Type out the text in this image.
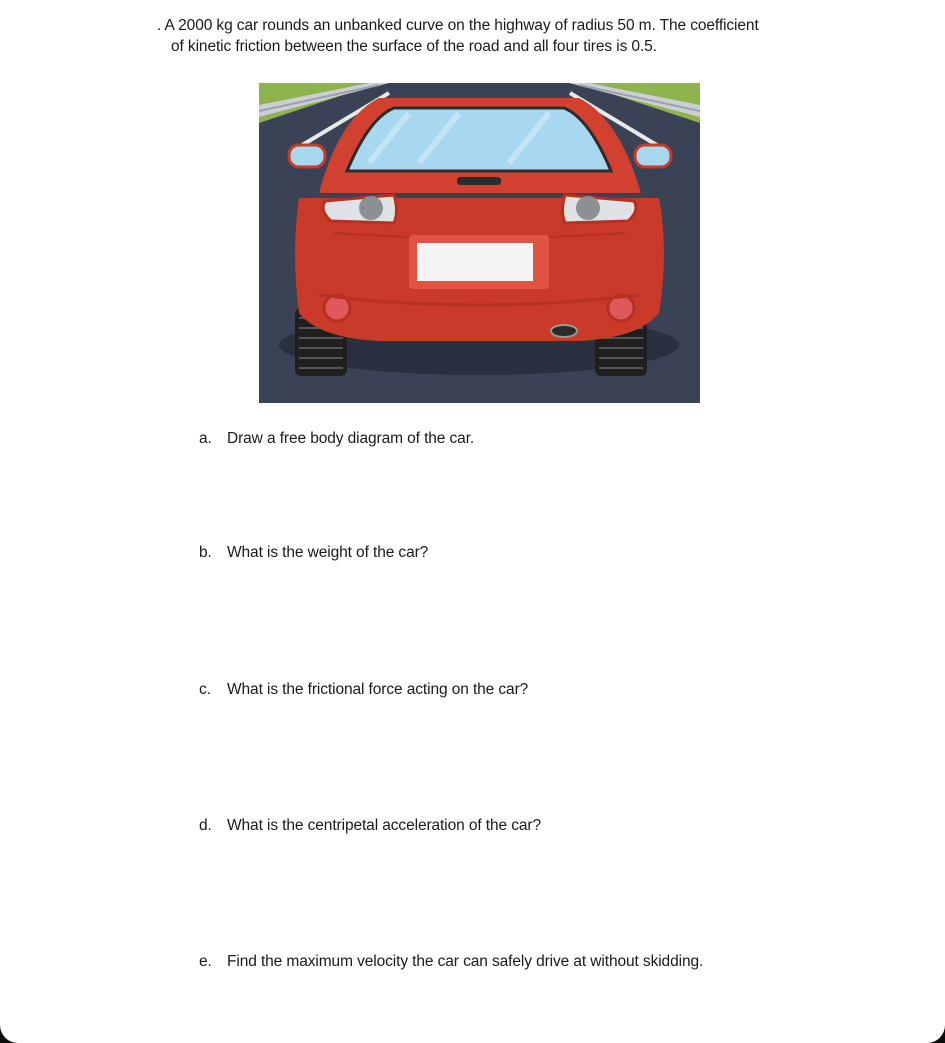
. A 2000 kg car rounds an unbanked curve on the highway of radius 50 m. The coefficient
of kinetic friction between the surface of the road and all four tires is 0.5.
a. Draw a free body diagram of the car.
b. What is the weight of the car?
c. What is the frictional force acting on the car?
d. What is the centripetal acceleration of the car?
e. Find the maximum velocity the car can safely drive at without skidding.
